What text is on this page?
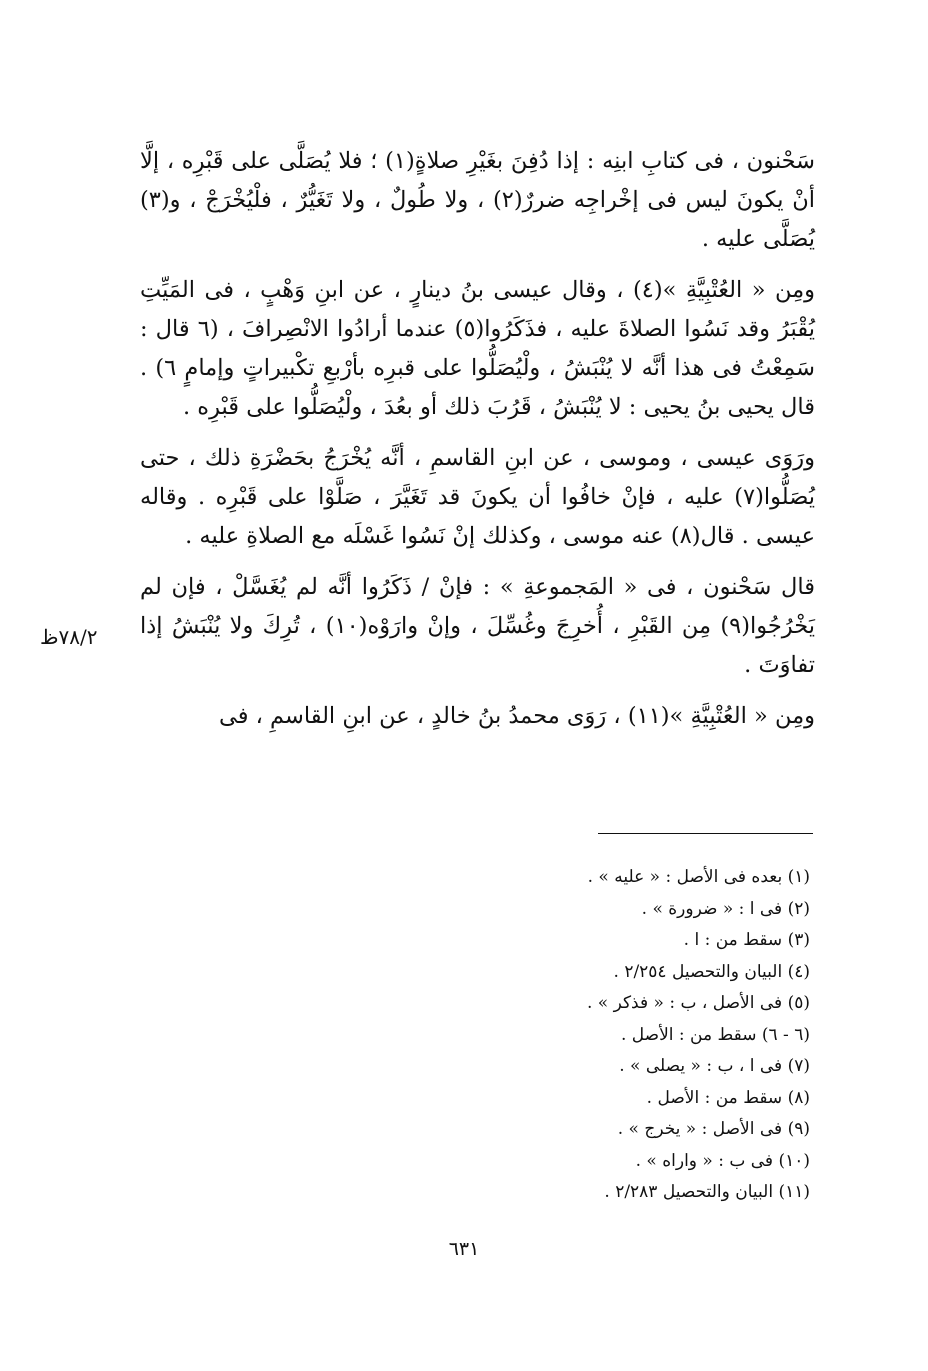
سَحْنون ، فى كتابِ ابنِه : إذا دُفِنَ بغَيْرِ صلاةٍ(١) ؛ فلا يُصَلَّى على قَبْرِه ، إلَّا أنْ يكونَ ليس فى إخْراجِه ضررٌ(٢) ، ولا طُولٌ ، ولا تَغَيُّرٌ ، فلْيُخْرَجْ ، و(٣) يُصَلَّى عليه .

ومِن « العُتْبِيَّةِ »(٤) ، وقال عيسى بنُ دينارٍ ، عن ابنِ وَهْبٍ ، فى المَيِّتِ يُقْبَرُ وقد نَسُوا الصلاةَ عليه ، فذَكَرُوا(٥) عندما أرادُوا الانْصِرافَ ، (٦ قال : سَمِعْتُ فى هذا أنَّه لا يُنْبَشُ ، ولْيُصَلُّوا على قبرِه بأرْبعِ تكْبيراتٍ وإمامٍ ٦) . قال يحيى بنُ يحيى : لا يُنْبَشُ ، قَرُبَ ذلك أو بعُدَ ، ولْيُصَلُّوا على قَبْرِه .

ورَوَى عيسى ، وموسى ، عن ابنِ القاسمِ ، أنَّه يُخْرَجُ بحَضْرَةِ ذلك ، حتى يُصَلُّوا(٧) عليه ، فإنْ خافُوا أن يكونَ قد تَغَيَّرَ ، صَلَّوْا على قَبْرِه . وقاله عيسى . قال(٨) عنه موسى ، وكذلك إنْ نَسُوا غَسْلَه مع الصلاةِ عليه .

قال سَحْنون ، فى « المَجموعةِ » : فإنْ / ذَكَرُوا أنَّه لم يُغَسَّلْ ، فإن لم يَخْرُجُوا(٩) مِن القَبْرِ ، أُخرِجَ وغُسِّلَ ، وإنْ وارَوْه(١٠) ، تُرِكَ ولا يُنْبَشُ إذا تفاوَتَ .

ومِن « العُتْبِيَّةِ »(١١) ، رَوَى محمدُ بنُ خالدٍ ، عن ابنِ القاسمِ ، فى

٧٨/٢ظ
(١) بعده فى الأصل : « عليه » .
(٢) فى ا : « ضرورة » .
(٣) سقط من : ا .
(٤) البيان والتحصيل ٢/٢٥٤ .
(٥) فى الأصل ، ب : « فذكر » .
(٦ - ٦) سقط من : الأصل .
(٧) فى ا ، ب : « يصلى » .
(٨) سقط من : الأصل .
(٩) فى الأصل : « يخرج » .
(١٠) فى ب : « واراه » .
(١١) البيان والتحصيل ٢/٢٨٣ .
٦٣١
